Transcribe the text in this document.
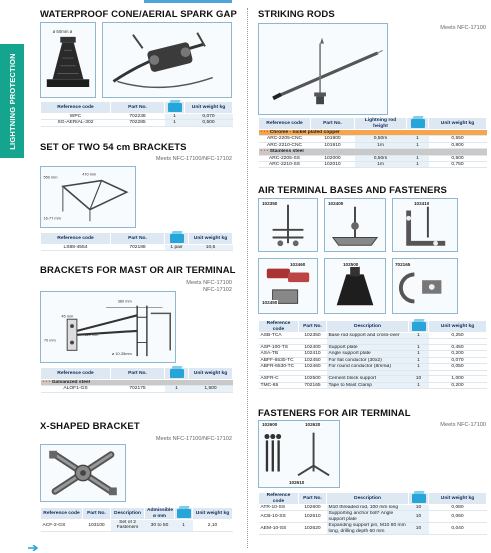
LIGHTNING PROTECTION
WATERPROOF CONE/AERIAL SPARK GAP
ø 50mm ø
Reference code	Part No.		Unit weight kg
WPC	702238	1	0,070
SG-AERIAL-302	702285	1	0,500
SET OF TWO 54 cm BRACKETS
Meets NFC-17100/NFC-17102
550 mm
470 mm
16-77 mm
Reference code	Part No.		Unit weight kg
LS88-4554	702188	1 pair	10,5
BRACKETS FOR MAST OR AIR TERMINAL
Meets NFC-17100
NFC-17102
380 mm
45 mm
ø 10-35mm
70 mm
Reference code	Part No.		Unit weight kg
• • • Galvanized steel			
ALOF1-GS	702175	1	1,500
X-SHAPED BRACKET
Meets NFC-17100/NFC-17102
Reference code	Part No.	Description	Admissible ø mm		Unit weight kg
ACF-2-GS	103100	Set of 2 Fasteners	30 to 50	1	2,10
STRIKING RODS
Meets NFC-17100
Reference code	Part No.	Lightning rod height		Unit weight kg
• • • Chrome - nickel plated copper				
ARC-2205-CNC	101900	0,50m	1	0,550
ARC-2210-CNC	101910	1m	1	0,800
• • • Stainless steel				
ARC-2205-SS	102000	0,50m	1	0,500
ARC-2210-SS	102010	1m	1	0,750
AIR TERMINAL BASES AND FASTENERS
102350	102400	102410
102460
102450
102500	702165
Reference code	Part No.	Description		Unit weight kg
ASB-TCA	102350	Base rod support and cross-over	1	0,250

ASP-100-TS	102400	Support plate	1	0,450
ASA-TB	102410	Angle support plate	1	0,200
ABFF-6530-TC	102450	For flat conductor (30x2)	1	0,070
ABFR-6530-TC	102460	For round conductor (8mmø)	1	0,050

ASFR-C	102500	Cement block support	10	1,000
TMC-65	702165	Tape to Mast Clamp	1	0,200
FASTENERS FOR AIR TERMINAL
Meets NFC-17100
102600	102620
102610
Reference code	Part No.	Description		Unit weight kg
ATR-10-SS	102600	M10 threaded rod, 100 mm long	10	0,080
ACB-10-SS	102610	Supporting anchor bolt* Angle support plate	10	0,060
AEM-10-SS	102620	Expanding support pin, M10 80 mm long, drilling depth 60 mm	10	0,040
